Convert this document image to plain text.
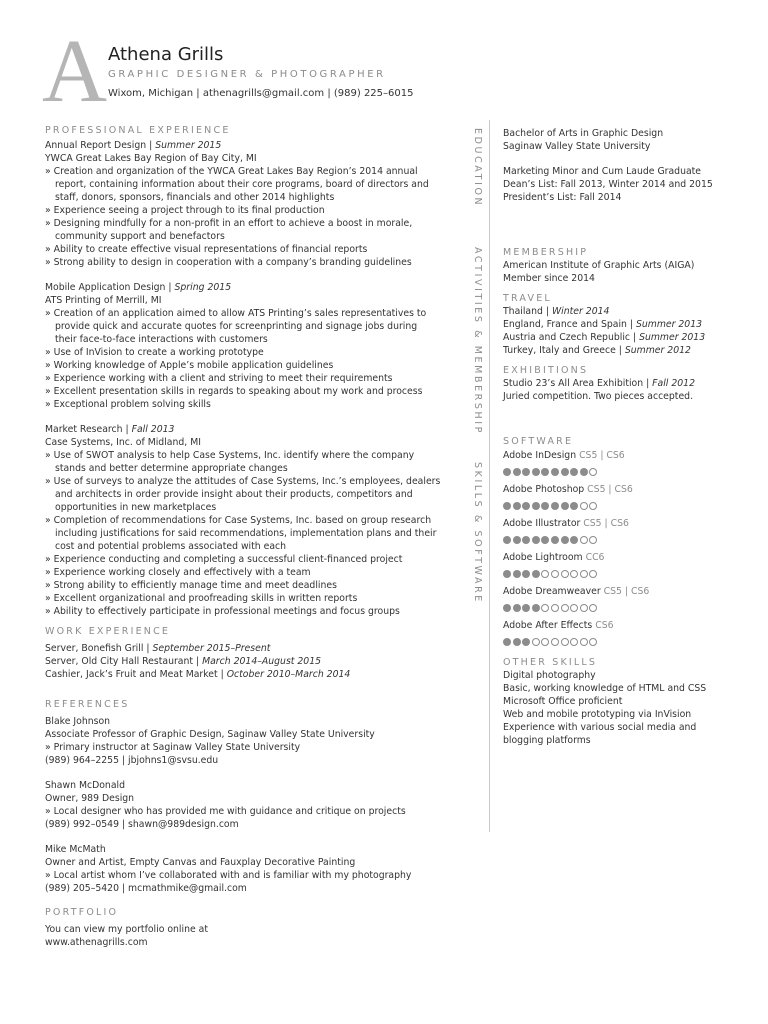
A Athena Grills
GRAPHIC DESIGNER & PHOTOGRAPHER
Wixom, Michigan | athenagrills@gmail.com | (989) 225–6015
PROFESSIONAL EXPERIENCE
Annual Report Design | Summer 2015
YWCA Great Lakes Bay Region of Bay City, MI
» Creation and organization of the YWCA Great Lakes Bay Region’s 2014 annual
report, containing information about their core programs, board of directors and
staff, donors, sponsors, financials and other 2014 highlights
» Experience seeing a project through to its final production
» Designing mindfully for a non-profit in an effort to achieve a boost in morale,
community support and benefactors
» Ability to create effective visual representations of financial reports
» Strong ability to design in cooperation with a company’s branding guidelines
Mobile Application Design | Spring 2015
ATS Printing of Merrill, MI
» Creation of an application aimed to allow ATS Printing’s sales representatives to
provide quick and accurate quotes for screenprinting and signage jobs during
their face-to-face interactions with customers
» Use of InVision to create a working prototype
» Working knowledge of Apple’s mobile application guidelines
» Experience working with a client and striving to meet their requirements
» Excellent presentation skills in regards to speaking about my work and process
» Exceptional problem solving skills
Market Research | Fall 2013
Case Systems, Inc. of Midland, MI
» Use of SWOT analysis to help Case Systems, Inc. identify where the company
stands and better determine appropriate changes
» Use of surveys to analyze the attitudes of Case Systems, Inc.’s employees, dealers
and architects in order provide insight about their products, competitors and
opportunities in new marketplaces
» Completion of recommendations for Case Systems, Inc. based on group research
including justifications for said recommendations, implementation plans and their
cost and potential problems associated with each
» Experience conducting and completing a successful client-financed project
» Experience working closely and effectively with a team
» Strong ability to efficiently manage time and meet deadlines
» Excellent organizational and proofreading skills in written reports
» Ability to effectively participate in professional meetings and focus groups
WORK EXPERIENCE
Server, Bonefish Grill | September 2015–Present
Server, Old City Hall Restaurant | March 2014–August 2015
Cashier, Jack’s Fruit and Meat Market | October 2010–March 2014
REFERENCES
Blake Johnson
Associate Professor of Graphic Design, Saginaw Valley State University
» Primary instructor at Saginaw Valley State University
(989) 964–2255 | jbjohns1@svsu.edu
Shawn McDonald
Owner, 989 Design
» Local designer who has provided me with guidance and critique on projects
(989) 992–0549 | shawn@989design.com
Mike McMath
Owner and Artist, Empty Canvas and Fauxplay Decorative Painting
» Local artist whom I’ve collaborated with and is familiar with my photography
(989) 205–5420 | mcmathmike@gmail.com
PORTFOLIO
You can view my portfolio online at
www.athenagrills.com
EDUCATION
ACTIVITIES & MEMBERSHIP
SKILLS & SOFTWARE
Bachelor of Arts in Graphic Design
Saginaw Valley State University
Marketing Minor and Cum Laude Graduate
Dean’s List: Fall 2013, Winter 2014 and 2015
President’s List: Fall 2014
MEMBERSHIP
American Institute of Graphic Arts (AIGA)
Member since 2014
TRAVEL
Thailand | Winter 2014
England, France and Spain | Summer 2013
Austria and Czech Republic | Summer 2013
Turkey, Italy and Greece | Summer 2012
EXHIBITIONS
Studio 23’s All Area Exhibition | Fall 2012
Juried competition. Two pieces accepted.
SOFTWARE
Adobe InDesign CS5 | CS6
Adobe Photoshop CS5 | CS6
Adobe Illustrator CS5 | CS6
Adobe Lightroom CC6
Adobe Dreamweaver CS5 | CS6
Adobe After Effects CS6
OTHER SKILLS
Digital photography
Basic, working knowledge of HTML and CSS
Microsoft Office proficient
Web and mobile prototyping via InVision
Experience with various social media and
blogging platforms
